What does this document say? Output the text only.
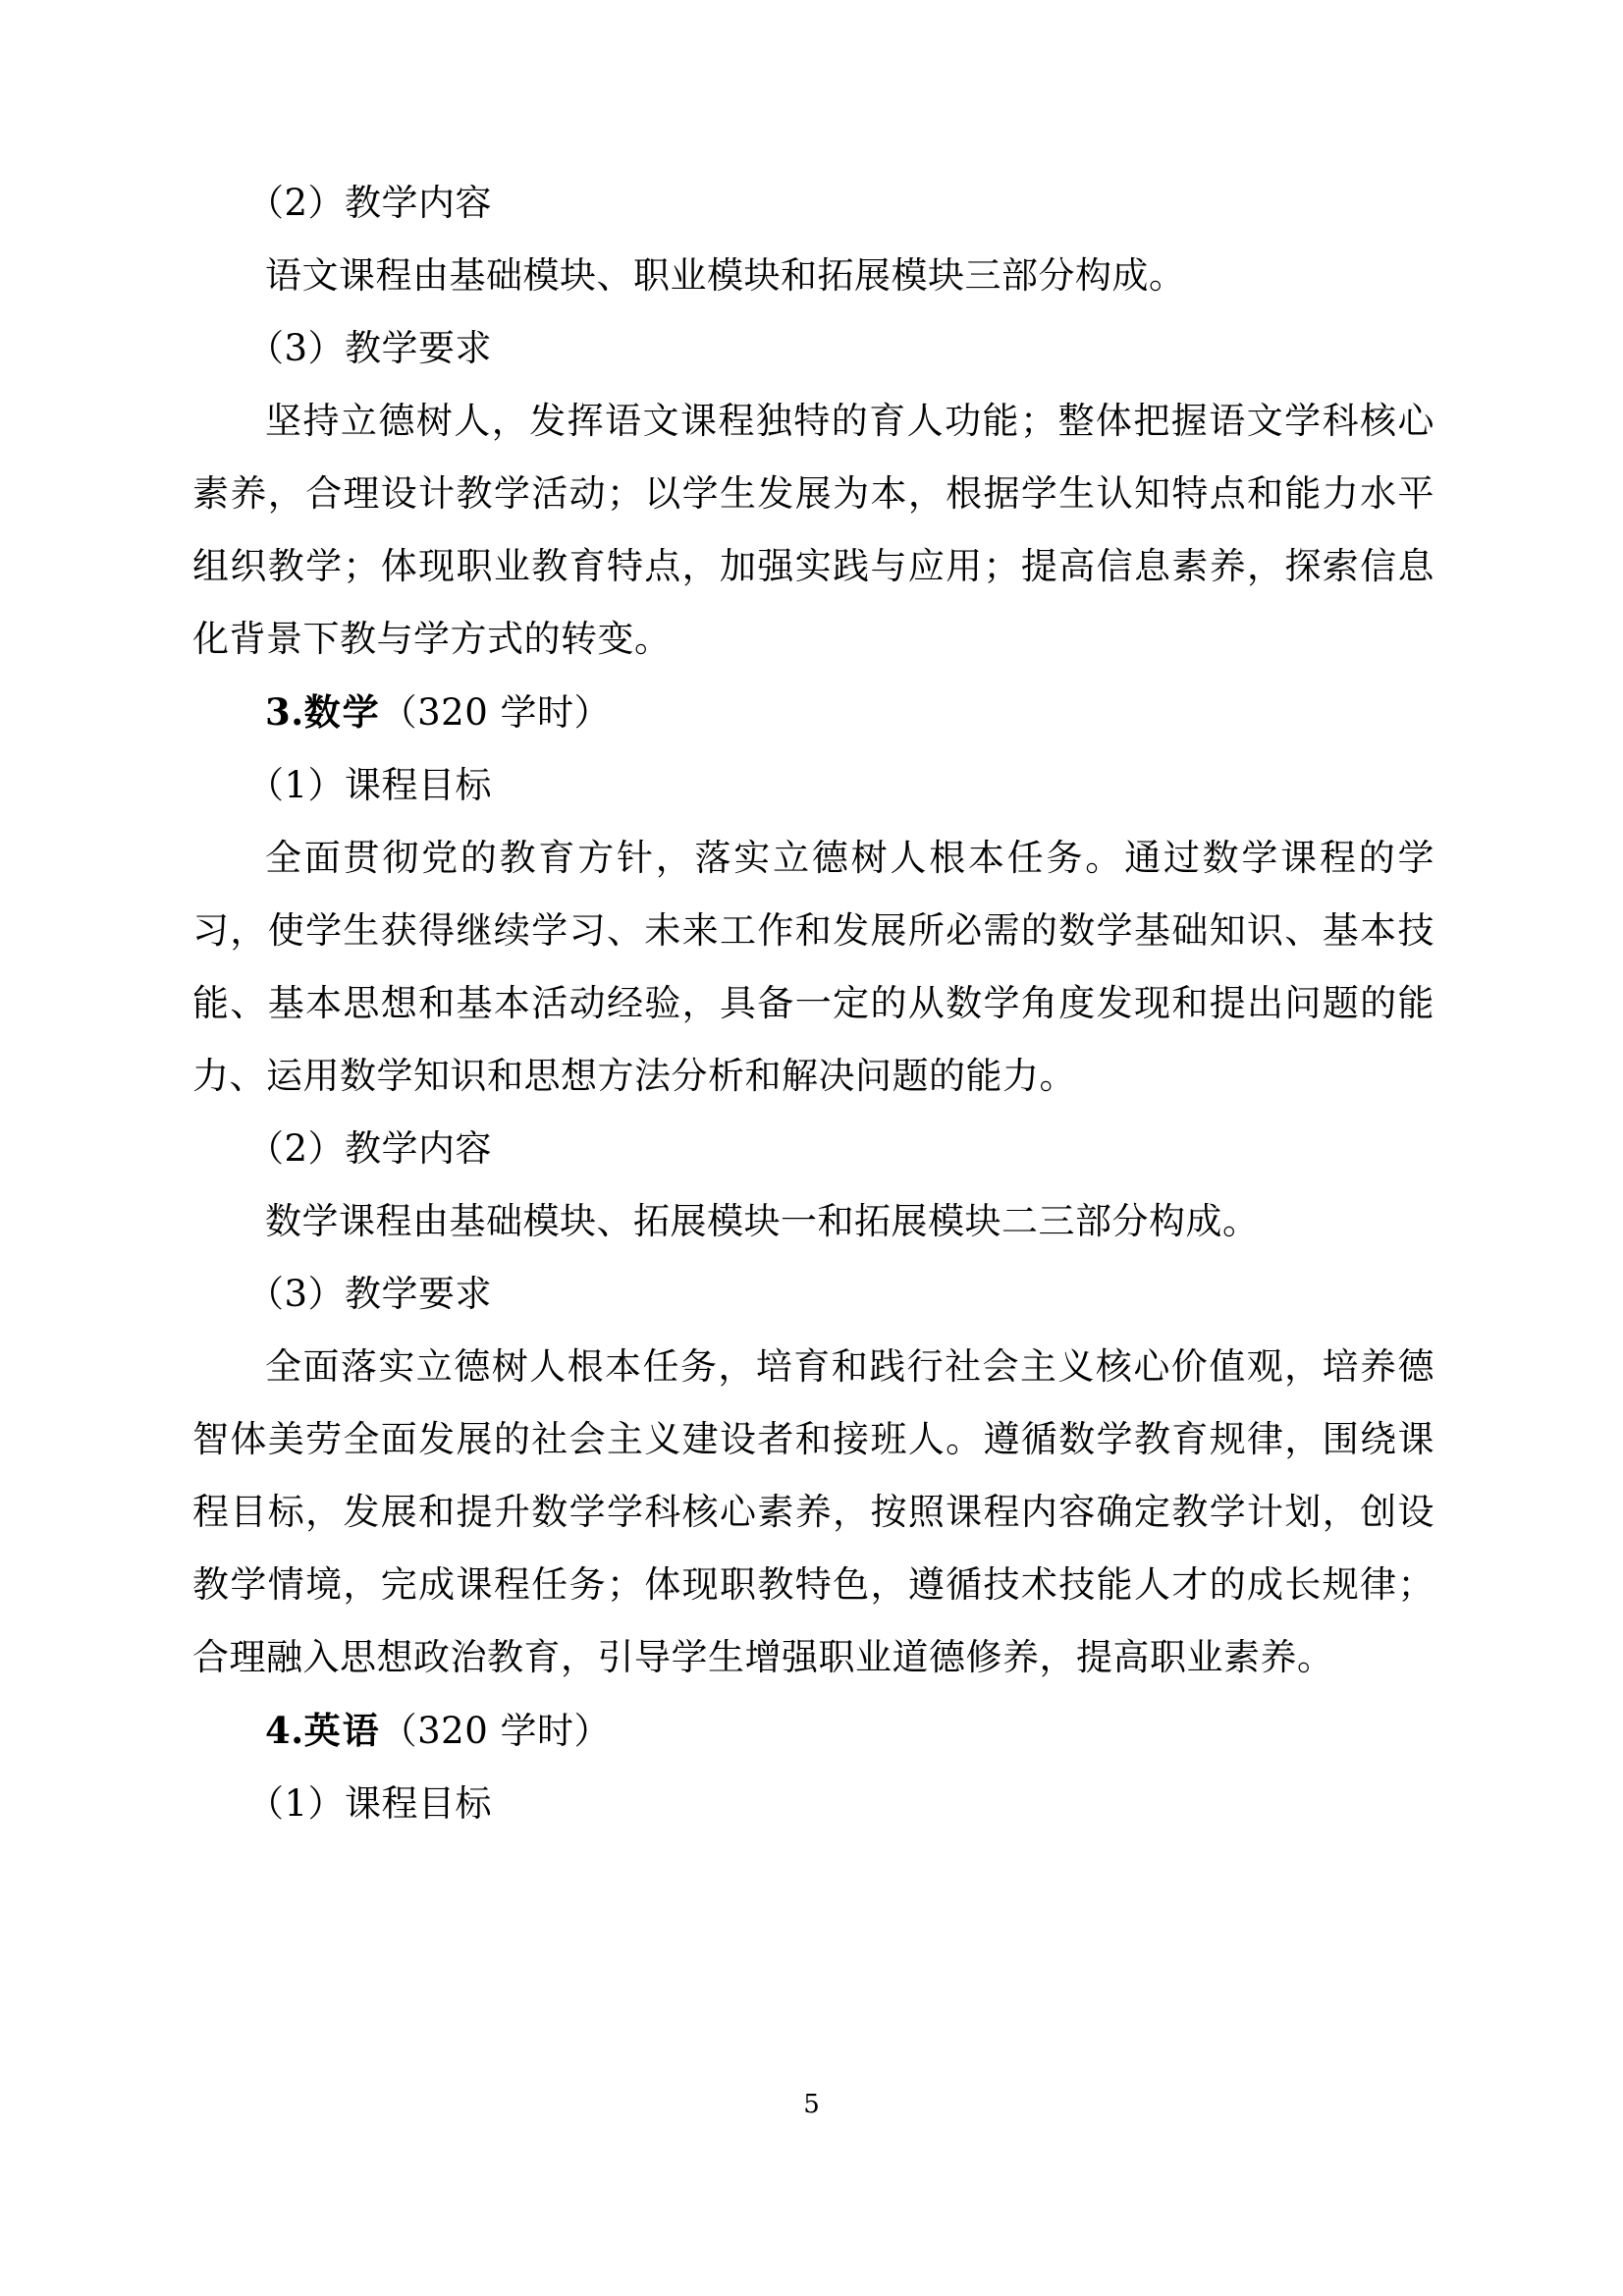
（2）教学内容

语文课程由基础模块、职业模块和拓展模块三部分构成。

（3）教学要求

坚持立德树人，发挥语文课程独特的育人功能；整体把握语文学科核心素养，合理设计教学活动；以学生发展为本，根据学生认知特点和能力水平组织教学；体现职业教育特点，加强实践与应用；提高信息素养，探索信息化背景下教与学方式的转变。

3.数学（320 学时）

（1）课程目标

全面贯彻党的教育方针，落实立德树人根本任务。通过数学课程的学习，使学生获得继续学习、未来工作和发展所必需的数学基础知识、基本技能、基本思想和基本活动经验，具备一定的从数学角度发现和提出问题的能力、运用数学知识和思想方法分析和解决问题的能力。

（2）教学内容

数学课程由基础模块、拓展模块一和拓展模块二三部分构成。

（3）教学要求

全面落实立德树人根本任务，培育和践行社会主义核心价值观，培养德智体美劳全面发展的社会主义建设者和接班人。遵循数学教育规律，围绕课程目标，发展和提升数学学科核心素养，按照课程内容确定教学计划，创设教学情境，完成课程任务；体现职教特色，遵循技术技能人才的成长规律；合理融入思想政治教育，引导学生增强职业道德修养，提高职业素养。

4.英语（320 学时）

（1）课程目标

5
